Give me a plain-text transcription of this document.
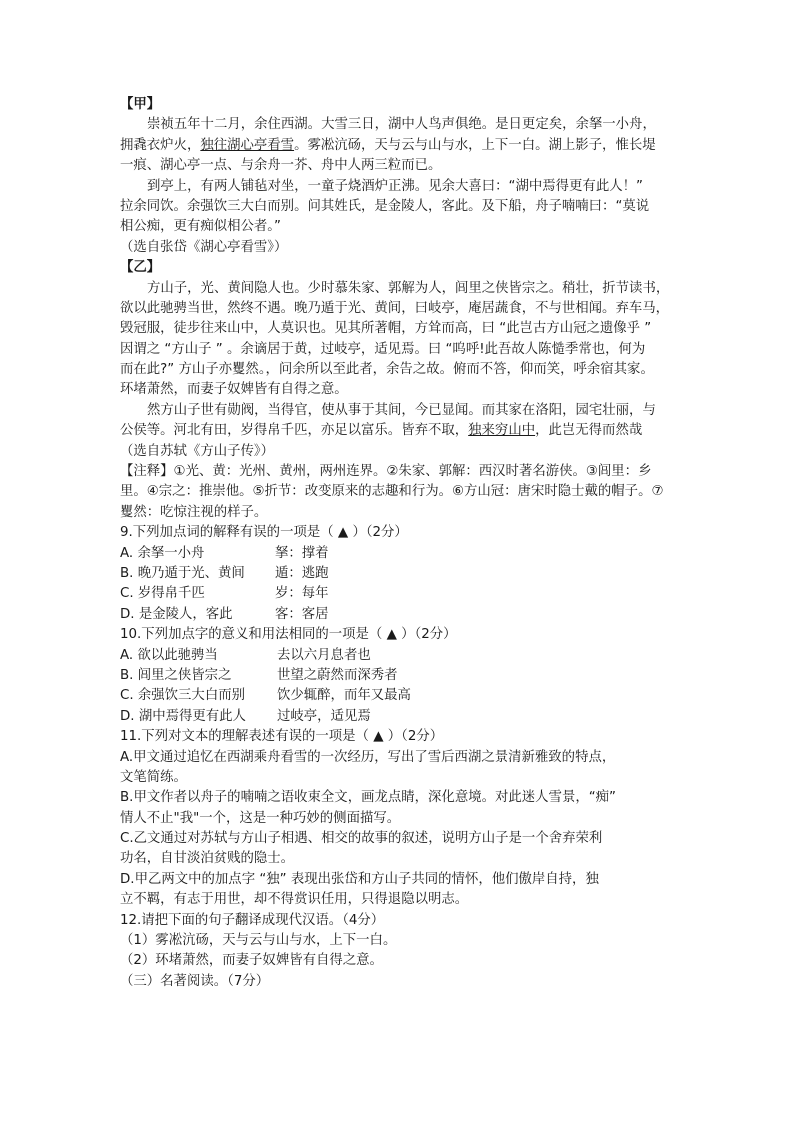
【甲】
崇祯五年十二月，余住西湖。大雪三日，湖中人鸟声俱绝。是日更定矣，余拏一小舟，
拥毳衣炉火，独往湖心亭看雪。雾凇沆砀，天与云与山与水，上下一白。湖上影子，惟长堤
一痕、湖心亭一点、与余舟一芥、舟中人两三粒而已。
到亭上，有两人铺毡对坐，一童子烧酒炉正沸。见余大喜曰：“湖中焉得更有此人！”
拉余同饮。余强饮三大白而别。问其姓氏，是金陵人，客此。及下船，舟子喃喃曰：“莫说
相公痴，更有痴似相公者。”
（选自张岱《湖心亭看雪》）
【乙】
方山子，光、黄间隐人也。少时慕朱家、郭解为人，闾里之侠皆宗之。稍壮，折节读书，
欲以此驰骋当世，然终不遇。晚乃遁于光、黄间，曰岐亭，庵居蔬食，不与世相闻。弃车马，
毁冠服，徒步往来山中，人莫识也。见其所著帽，方耸而高，曰 “此岂古方山冠之遗像乎 ”
因谓之 “方山子 ” 。余谪居于黄，过岐亭，适见焉。曰 “呜呼!此吾故人陈慥季常也，何为
而在此?” 方山子亦矍然。，问余所以至此者，余告之故。俯而不答，仰而笑，呼余宿其家。
环堵萧然，而妻子奴婢皆有自得之意。
然方山子世有勋阀，当得官，使从事于其间，今已显闻。而其家在洛阳，园宅壮丽，与
公侯等。河北有田，岁得帛千匹，亦足以富乐。皆弃不取，独来穷山中，此岂无得而然哉
（选自苏轼《方山子传》）
【注释】①光、黄：光州、黄州，两州连界。②朱家、郭解：西汉时著名游侠。③闾里：乡
里。④宗之：推崇他。⑤折节：改变原来的志趣和行为。⑥方山冠：唐宋时隐士戴的帽子。⑦
矍然：吃惊注视的样子。
9.下列加点词的解释有误的一项是（ ▲ ）（2分）
A. 余拏一小舟	拏：撑着
B. 晚乃遁于光、黄间 遁：逃跑
C. 岁得帛千匹	岁：每年
D. 是金陵人，客此	客：客居
10.下列加点字的意义和用法相同的一项是（ ▲ ）（2分）
A. 欲以此驰骋当	去以六月息者也
B. 闾里之侠皆宗之	世望之蔚然而深秀者
C. 余强饮三大白而别 饮少辄醉，而年又最高
D. 湖中焉得更有此人 过岐亭，适见焉
11.下列对文本的理解表述有误的一项是（ ▲ ）（2分）
A.甲文通过追忆在西湖乘舟看雪的一次经历，写出了雪后西湖之景清新雅致的特点，
文笔简练。
B.甲文作者以舟子的喃喃之语收束全文，画龙点睛，深化意境。对此迷人雪景，“痴”
情人不止"我"一个，这是一种巧妙的侧面描写。
C.乙文通过对苏轼与方山子相遇、相交的故事的叙述，说明方山子是一个舍弃荣利
功名，自甘淡泊贫贱的隐士。
D.甲乙两文中的加点字 “独” 表现出张岱和方山子共同的情怀，他们傲岸自持，独
立不羁，有志于用世，却不得赏识任用，只得退隐以明志。
12.请把下面的句子翻译成现代汉语。（4分）
（1）雾凇沆砀，天与云与山与水，上下一白。
（2）环堵萧然，而妻子奴婢皆有自得之意。
（三）名著阅读。（7分）
